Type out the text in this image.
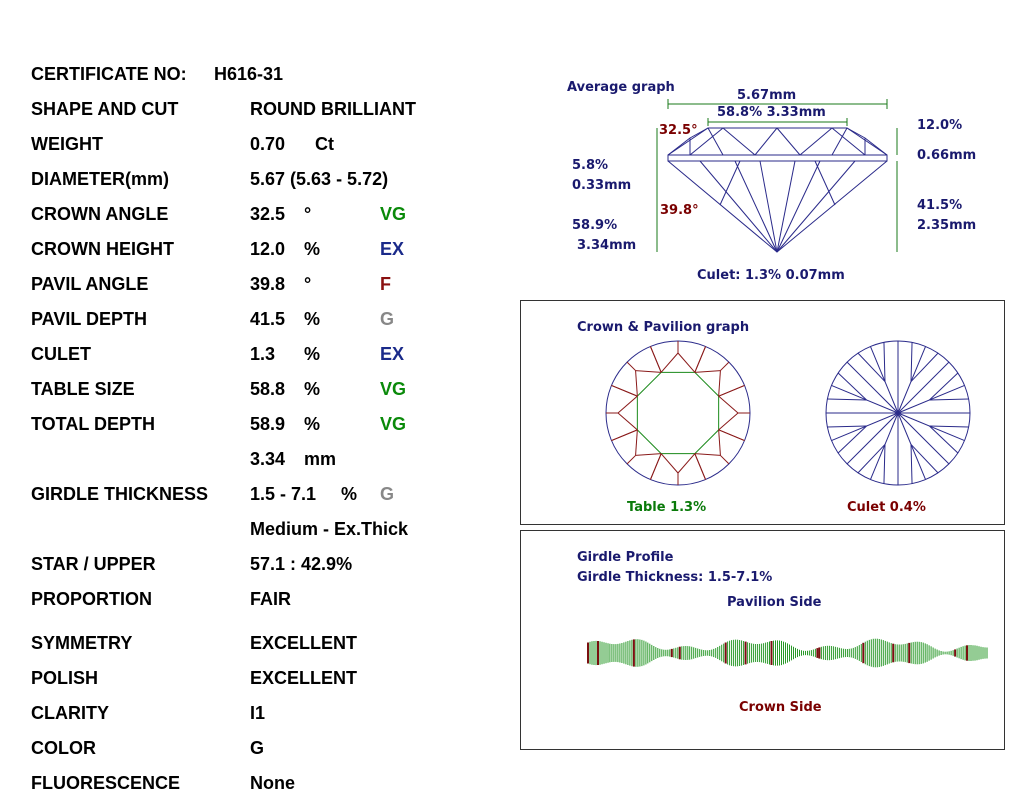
CERTIFICATE NO: H616-31
SHAPE AND CUT	ROUND BRILLIANT
WEIGHT	0.70 Ct
DIAMETER(mm)	5.67 (5.63 - 5.72)
CROWN ANGLE	32.5 °	VG
CROWN HEIGHT	12.0 %	EX
PAVIL ANGLE	39.8 °	F
PAVIL DEPTH	41.5 %	G
CULET	1.3 %	EX
TABLE SIZE	58.8 %	VG
TOTAL DEPTH	58.9 %	VG
3.34 mm
GIRDLE THICKNESS 1.5 - 7.1 % G
Medium - Ex.Thick
STAR / UPPER	57.1 : 42.9%
PROPORTION	FAIR
SYMMETRY	EXCELLENT
POLISH	EXCELLENT
CLARITY	I1
COLOR	G
FLUORESCENCE	None
Average graph
5.67mm
58.8% 3.33mm
32.5°	12.0%
0.66mm
5.8%
0.33mm
39.8°
58.9%
3.34mm
41.5%
2.35mm
Culet: 1.3% 0.07mm
Crown & Pavilion graph
Table 1.3%	Culet 0.4%
Girdle Profile
Girdle Thickness: 1.5-7.1%
Pavilion Side
Crown Side
